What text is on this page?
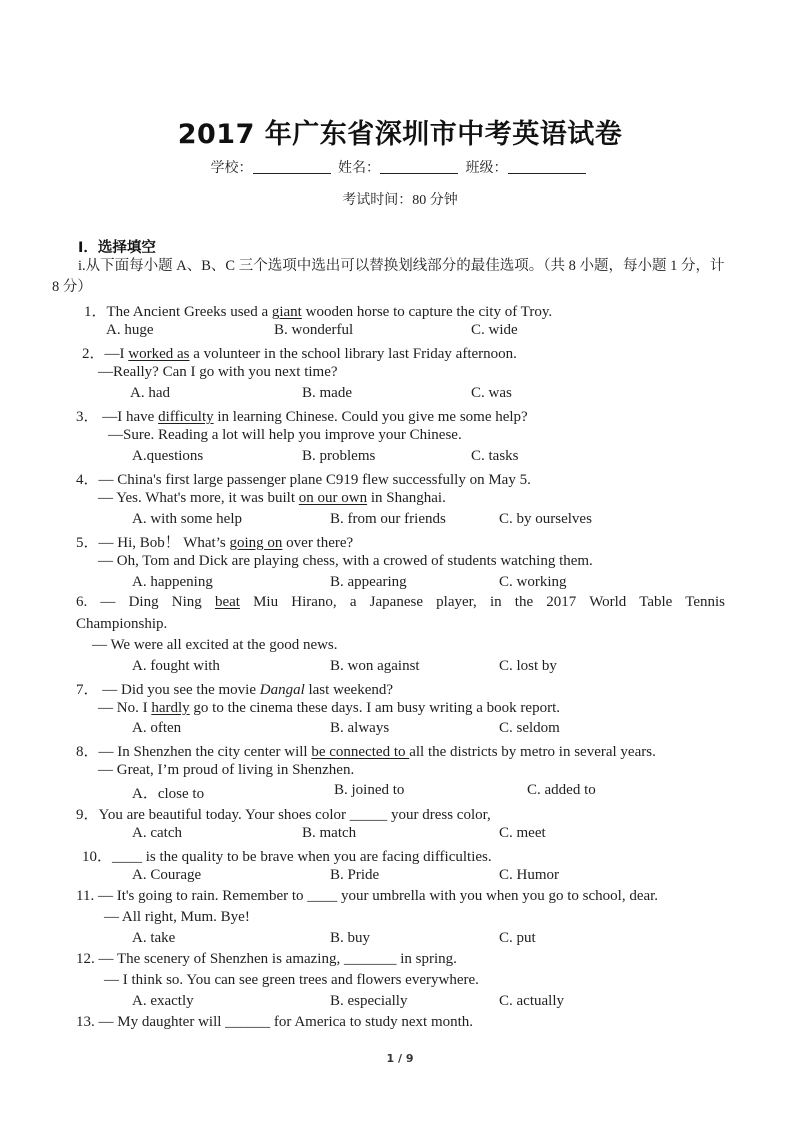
2017 年广东省深圳市中考英语试卷
学校：	姓名：	班级：
考试时间：80 分钟
I．选择填空
i.从下面每小题 A、B、C 三个选项中选出可以替换划线部分的最佳选项。（共 8 小题，每小题 1 分，计 8 分）
1．The Ancient Greeks used a giant wooden horse to capture the city of Troy.
A. huge	B. wonderful	C. wide
2．—I worked as a volunteer in the school library last Friday afternoon.
—Really? Can I go with you next time?
A. had	B. made	C. was
3． —I have difficulty in learning Chinese. Could you give me some help?
—Sure. Reading a lot will help you improve your Chinese.
A.questions	B. problems	C. tasks
4．— China's first large passenger plane C919 flew successfully on May 5.
— Yes. What's more, it was built on our own in Shanghai.
A. with some help	B. from our friends	C. by ourselves
5．— Hi, Bob！ What’s going on over there?
— Oh, Tom and Dick are playing chess, with a crowed of students watching them.
A. happening	B. appearing	C. working
6. — Ding Ning beat Miu Hirano, a Japanese player, in the 2017 World Table Tennis
Championship.
— We were all excited at the good news.
A. fought with	B. won against	C. lost by
7． — Did you see the movie Dangal last weekend?
— No. I hardly go to the cinema these days. I am busy writing a book report.
A. often	B. always	C. seldom
8．— In Shenzhen the city center will be connected to all the districts by metro in several years.
— Great, I’m proud of living in Shenzhen.
A．close to	B. joined to	C. added to
9．You are beautiful today. Your shoes color _____ your dress color,
A. catch	B. match	C. meet
10．____ is the quality to be brave when you are facing difficulties.
A. Courage	B. Pride	C. Humor
11. — It's going to rain. Remember to ____ your umbrella with you when you go to school, dear.
— All right, Mum. Bye!
A. take	B. buy	C. put
12. — The scenery of Shenzhen is amazing, _______ in spring.
— I think so. You can see green trees and flowers everywhere.
A. exactly	B. especially	C. actually
13. — My daughter will ______ for America to study next month.
1 / 9
